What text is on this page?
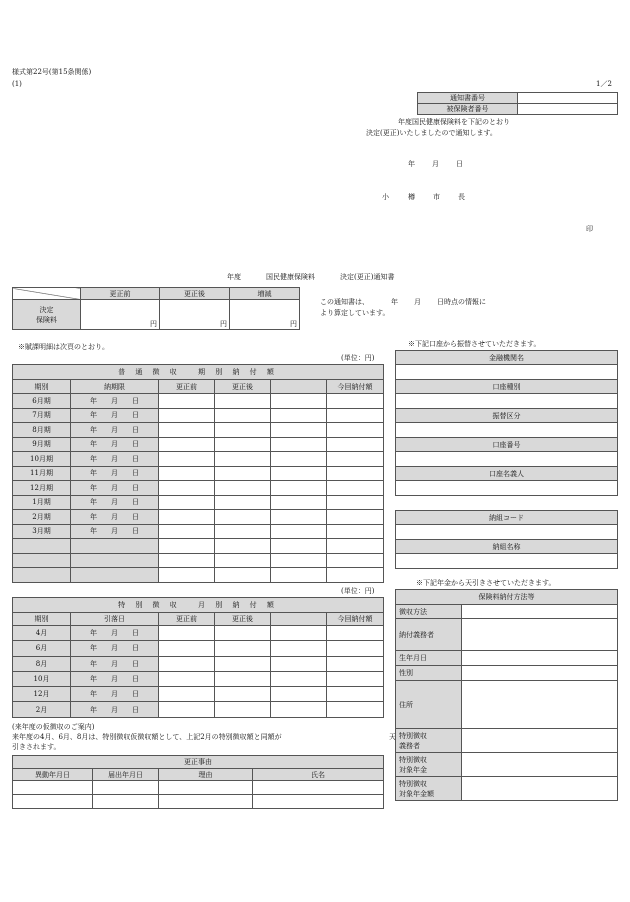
様式第22号(第15条関係)
(1)	1／2
通知書番号	
被保険者番号	
年度国民健康保険料を下記のとおり
決定(更正)いたしましたので通知します。
年 月 日
小	樽	市	長
印
年度	国民健康保険料	決定(更正)通知書
	更正前	更正後	増減

決定
保険料	円	円	円
この通知書は、	年 月 日時点の情報に
より算定しています。
※賦課明細は次頁のとおり。
(単位：円)
普 通 徴 収　 期 別 納 付 額					
期別	納期限	更正前	更正後		今回納付額
6月期	年 月 日				
7月期	年 月 日				
8月期	年 月 日				
9月期	年 月 日				
10月期	年 月 日				
11月期	年 月 日				
12月期	年 月 日				
1月期	年 月 日				
2月期	年 月 日				
3月期	年 月 日				

(単位：円)
特 別 徴 収　 月 別 納 付 額					
期別	引落日	更正前	更正後		今回納付額
4月	年 月 日				
6月	年 月 日				
8月	年 月 日				
10月	年 月 日				
12月	年 月 日				
2月	年 月 日				
(来年度の仮徴収のご案内)
来年度の4月、6月、8月は、特別徴収仮徴収額として、上記2月の特別徴収額と同額が	天
引きされます。
更正事由			
異動年月日	届出年月日	理由	氏名

※下記口座から振替させていただきます。
金融機関名

口座種別

振替区分

口座番号

口座名義人

納組コード

納組名称

※下記年金から天引きさせていただきます。
保険料納付方法等	

徴収方法	

納付義務者	

生年月日	

性別	

住所	

特別徴収
義務者	

特別徴収
対象年金	

特別徴収
対象年金額	
